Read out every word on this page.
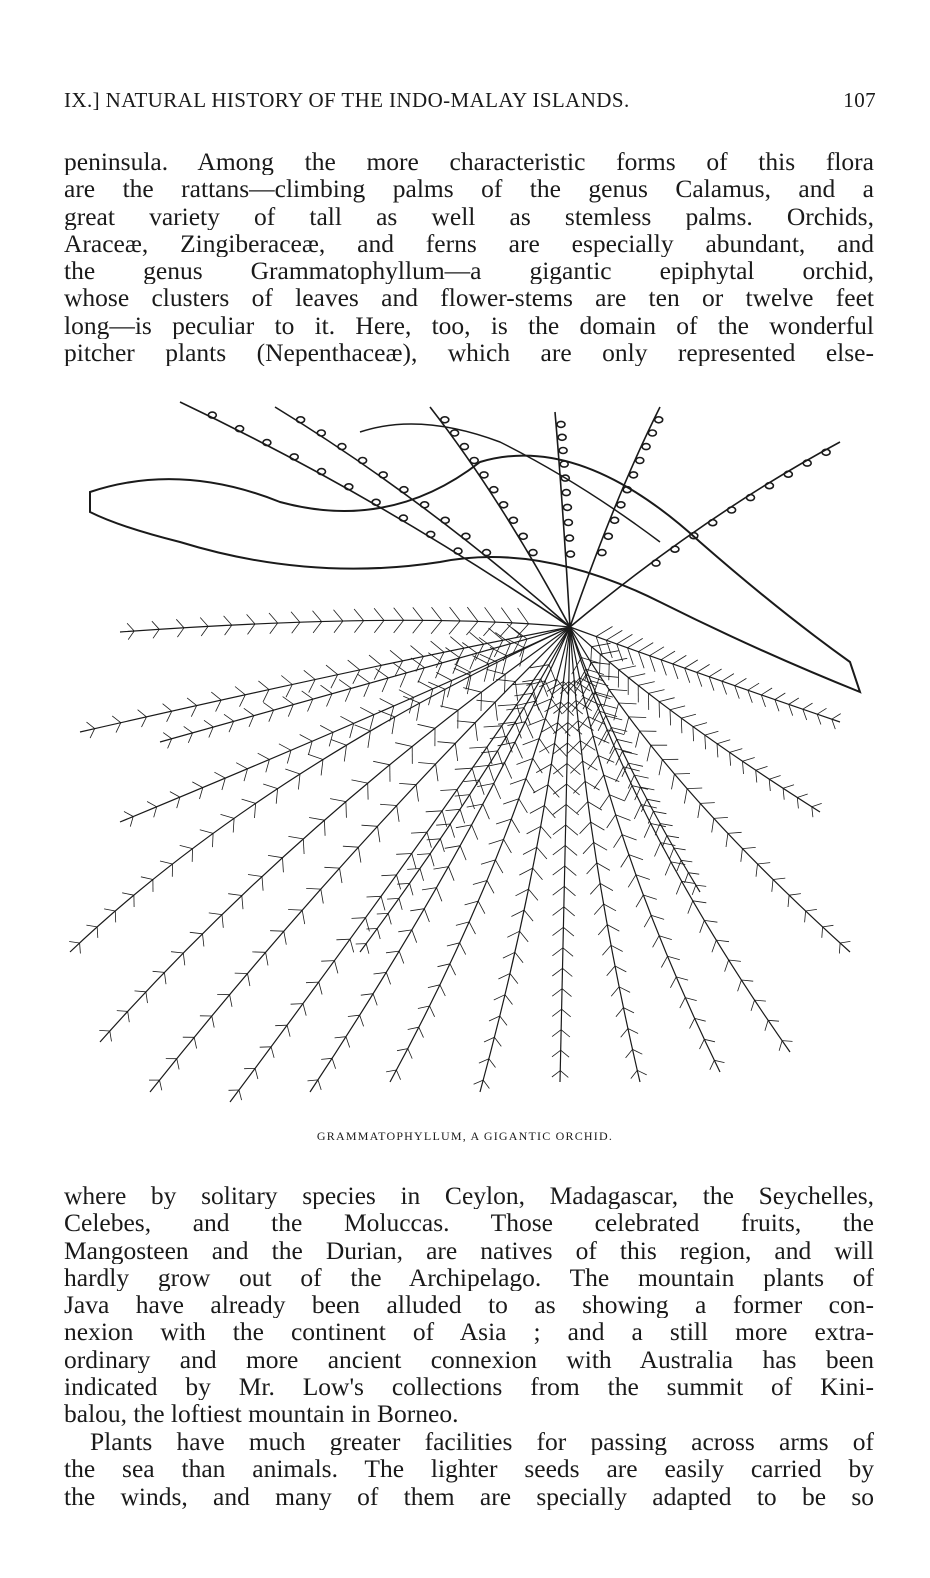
IX.] NATURAL HISTORY OF THE INDO-MALAY ISLANDS.	107
peninsula. Among the more characteristic forms of this flora
are the rattans—climbing palms of the genus Calamus, and a
great variety of tall as well as stemless palms. Orchids,
Araceæ, Zingiberaceæ, and ferns are especially abundant, and
the genus Grammatophyllum—a gigantic epiphytal orchid,
whose clusters of leaves and flower-stems are ten or twelve feet
long—is peculiar to it. Here, too, is the domain of the wonderful
pitcher plants (Nepenthaceæ), which are only represented else-
GRAMMATOPHYLLUM, A GIGANTIC ORCHID.
where by solitary species in Ceylon, Madagascar, the Seychelles,
Celebes, and the Moluccas. Those celebrated fruits, the
Mangosteen and the Durian, are natives of this region, and will
hardly grow out of the Archipelago. The mountain plants of
Java have already been alluded to as showing a former con-
nexion with the continent of Asia ; and a still more extra-
ordinary and more ancient connexion with Australia has been
indicated by Mr. Low's collections from the summit of Kini-
balou, the loftiest mountain in Borneo.
Plants have much greater facilities for passing across arms of
the sea than animals. The lighter seeds are easily carried by
the winds, and many of them are specially adapted to be so
